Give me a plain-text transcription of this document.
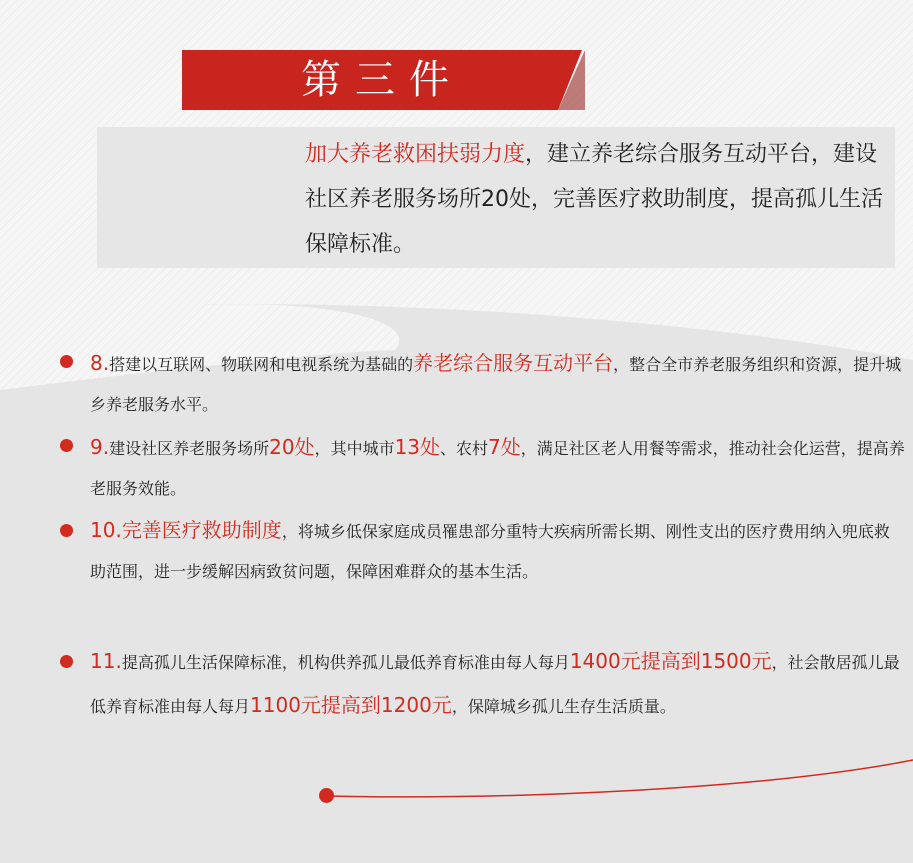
第三件

加大养老救困扶弱力度，建立养老综合服务互动平台，建设社区养老服务场所20处，完善医疗救助制度，提高孤儿生活保障标准。

8.搭建以互联网、物联网和电视系统为基础的养老综合服务互动平台，整合全市养老服务组织和资源，提升城乡养老服务水平。
9.建设社区养老服务场所20处，其中城市13处、农村7处，满足社区老人用餐等需求，推动社会化运营，提高养老服务效能。
10.完善医疗救助制度，将城乡低保家庭成员罹患部分重特大疾病所需长期、刚性支出的医疗费用纳入兜底救助范围，进一步缓解因病致贫问题，保障困难群众的基本生活。
11.提高孤儿生活保障标准，机构供养孤儿最低养育标准由每人每月1400元提高到1500元，社会散居孤儿最低养育标准由每人每月1100元提高到1200元，保障城乡孤儿生存生活质量。
